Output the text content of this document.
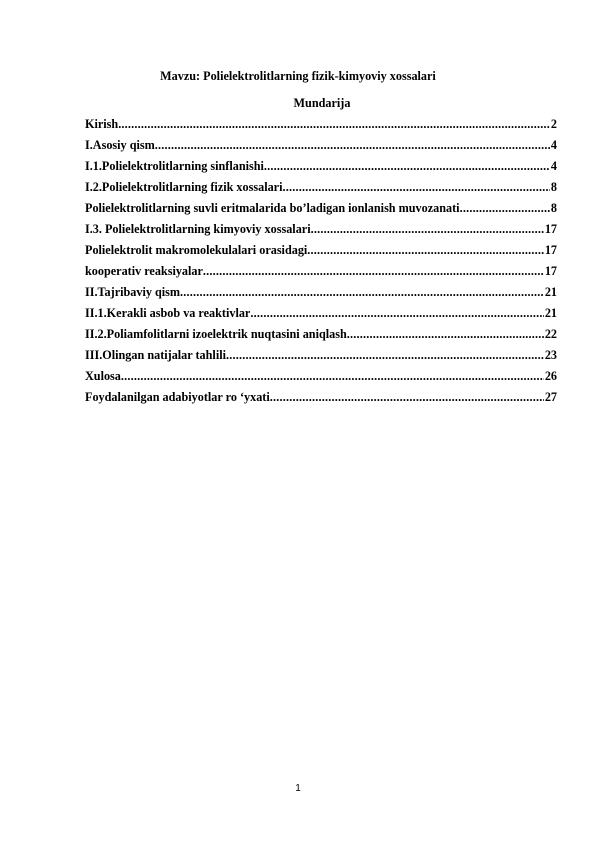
Mavzu: Polielektrolitlarning fizik-kimyoviy xossalari
Mundarija
Kirish .....	2
I.Asosiy qism .....	4
I.1.Polielektrolitlarning sinflanishi .....	4
I.2.Polielektrolitlarning fizik xossalari .....	8
Polielektrolitlarning suvli eritmalarida bo’ladigan ionlanish muvozanati .....	8
I.3. Polielektrolitlarning kimyoviy xossalari .....	17
Polielektrolit makromolekulalari orasidagi .....	17
kooperativ reaksiyalar .....	17
II.Tajribaviy qism .....	21
II.1.Kerakli asbob va reaktivlar .....	21
II.2.Poliamfolitlarni izoelektrik nuqtasini aniqlash .....	22
III.Olingan natijalar tahlili .....	23
Xulosa .....	26
Foydalanilgan adabiyotlar ro ‘yxati .....	27
1
